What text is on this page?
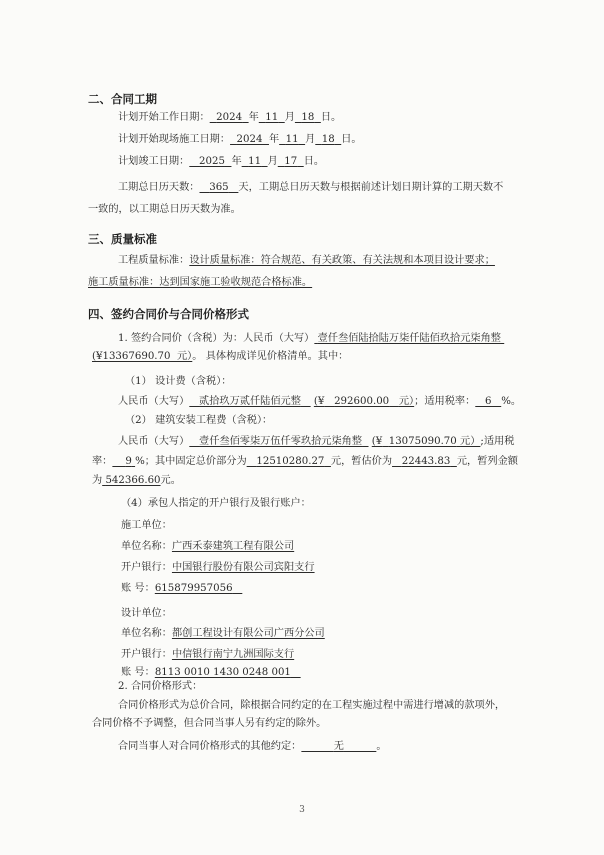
二、合同工期
计划开始工作日期： 2024 年 11 月 18 日。
计划开始现场施工日期： 2024 年 11 月 18 日。
计划竣工日期： 2025 年 11 月 17 日。
工期总日历天数： 365 天，工期总日历天数与根据前述计划日期计算的工期天数不
一致的，以工期总日历天数为准。
三、质量标准
工程质量标准：设计质量标准：符合规范、有关政策、有关法规和本项目设计要求；
施工质量标准：达到国家施工验收规范合格标准。
四、签约合同价与合同价格形式
1. 签约合同价（含税）为：人民币（大写） 壹仟叁佰陆拾陆万柒仟陆佰玖拾元柒角整
(¥13367690.70 元）。 具体构成详见价格清单。其中：
（1） 设计费（含税）：
人民币（大写） 贰拾玖万贰仟陆佰元整 (¥ 292600.00 元）；适用税率： 6 %。
（2） 建筑安装工程费（含税）：
人民币（大写） 壹仟叁佰零柒万伍仟零玖拾元柒角整 (¥ 13075090.70 元）;适用税
率： 9 %；其中固定总价部分为 12510280.27 元，暂估价为 22443.83 元，暂列金额
为 542366.60元。
（4）承包人指定的开户银行及银行账户：
施工单位：
单位名称：广西禾泰建筑工程有限公司
开户银行：中国银行股份有限公司宾阳支行
账 号：615879957056
设计单位：
单位名称：都创工程设计有限公司广西分公司
开户银行：中信银行南宁九洲国际支行
账 号：8113 0010 1430 0248 001
2. 合同价格形式：
合同价格形式为总价合同，除根据合同约定的在工程实施过程中需进行增减的款项外，
合同价格不予调整，但合同当事人另有约定的除外。
合同当事人对合同价格形式的其他约定：	无	。
3
